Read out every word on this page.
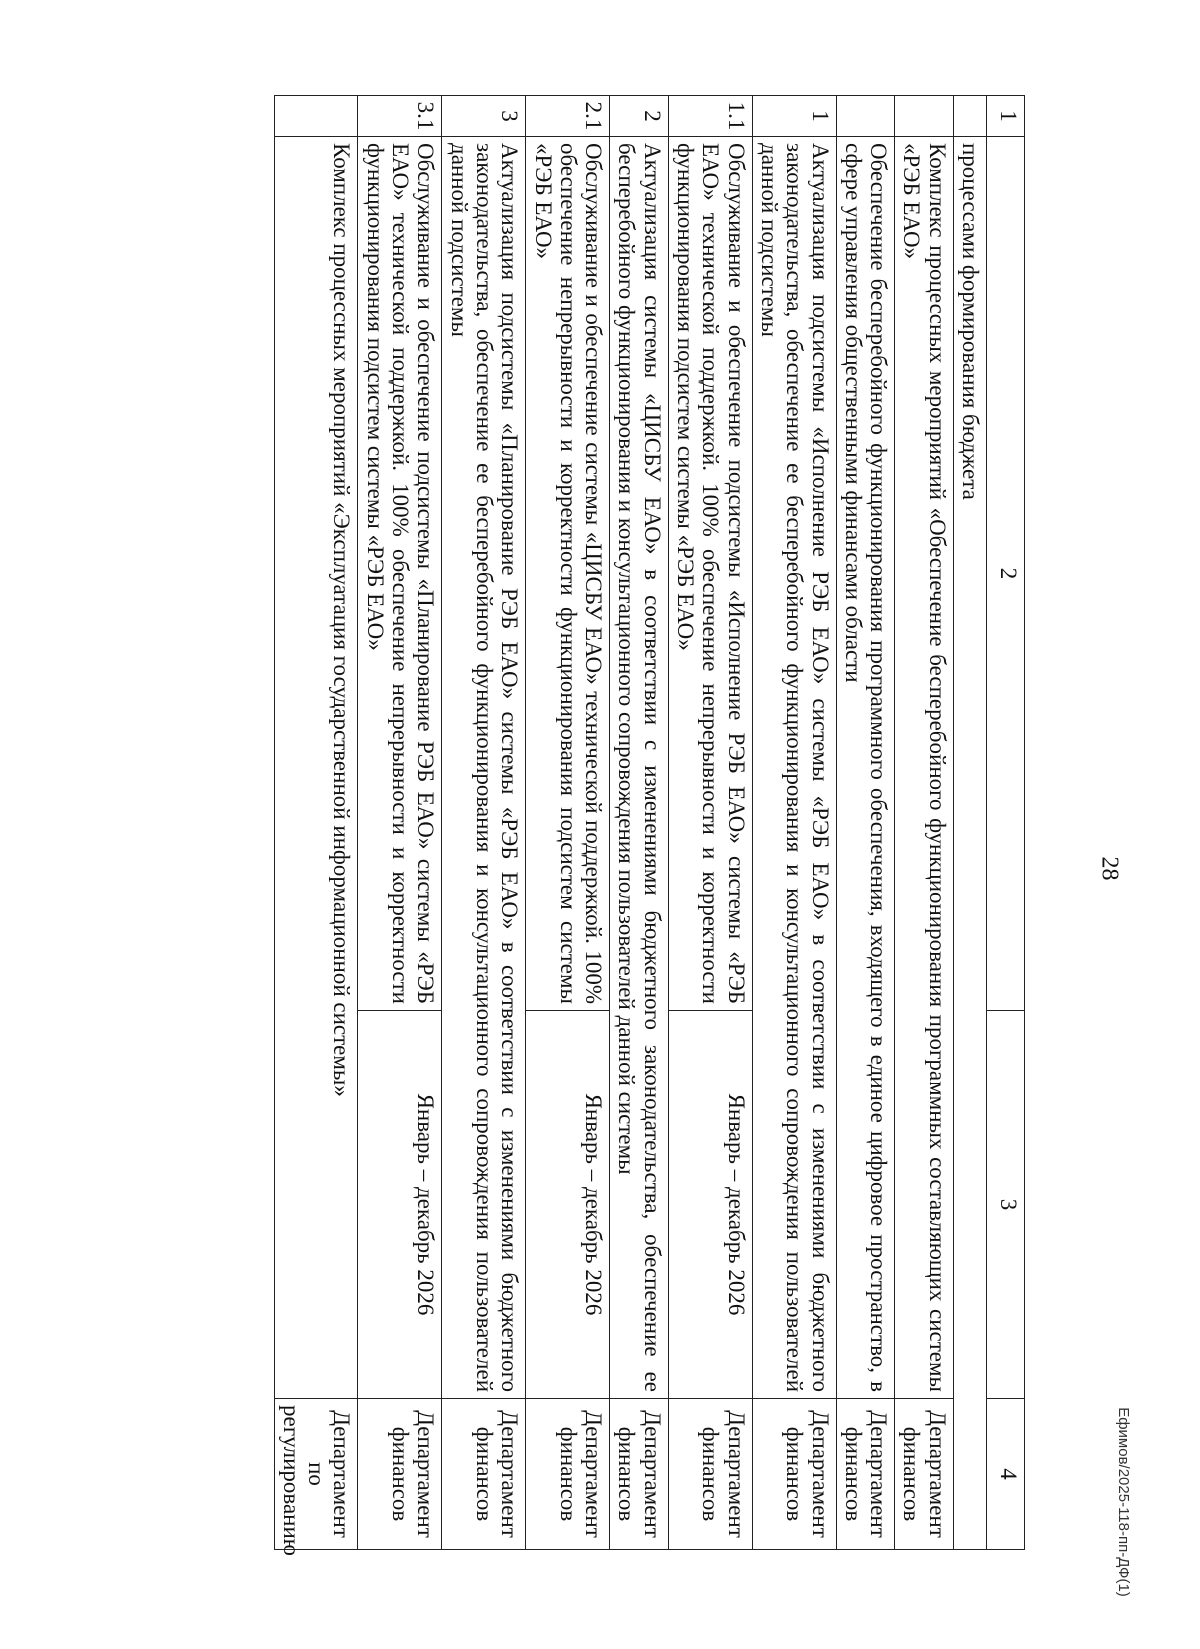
28
Ефимов/2025-118-пп-ДФ(1)
1	2	3	4
	процессами формирования бюджета		
	Комплекс процессных мероприятий «Обеспечение бесперебойного функционирования программных составляющих системы «РЭБ ЕАО»		Департамент финансов
	Обеспечение бесперебойного функционирования программного обеспечения, входящего в единое цифровое пространство, в сфере управления общественными финансами области		Департамент финансов
1	Актуализация подсистемы «Исполнение РЭБ ЕАО» системы «РЭБ ЕАО» в соответствии с изменениями бюджетного законодательства, обеспечение ее бесперебойного функционирования и консультационного сопровождения пользователей данной подсистемы		Департамент финансов
1.1	Обслуживание и обеспечение подсистемы «Исполнение РЭБ ЕАО» системы «РЭБ ЕАО» технической поддержкой. 100% обеспечение непрерывности и корректности функционирования подсистем системы «РЭБ ЕАО»	Январь – декабрь 2026	Департамент финансов
2	Актуализация системы «ЦИСБУ ЕАО» в соответствии с изменениями бюджетного законодательства, обеспечение ее бесперебойного функционирования и консультационного сопровождения пользователей данной системы		Департамент финансов
2.1	Обслуживание и обеспечение системы «ЦИСБУ ЕАО» технической поддержкой. 100% обеспечение непрерывности и корректности функционирования подсистем системы «РЭБ ЕАО»	Январь – декабрь 2026	Департамент финансов
3	Актуализация подсистемы «Планирование РЭБ ЕАО» системы «РЭБ ЕАО» в соответствии с изменениями бюджетного законодательства, обеспечение ее бесперебойного функционирования и консультационного сопровождения пользователей данной подсистемы		Департамент финансов
3.1	Обслуживание и обеспечение подсистемы «Планирование РЭБ ЕАО» системы «РЭБ ЕАО» технической поддержкой. 100% обеспечение непрерывности и корректности функционирования подсистем системы «РЭБ ЕАО»	Январь – декабрь 2026	Департамент финансов
	Комплекс процессных мероприятий «Эксплуатация государственной информационной системы»		Департамент по регулированию
